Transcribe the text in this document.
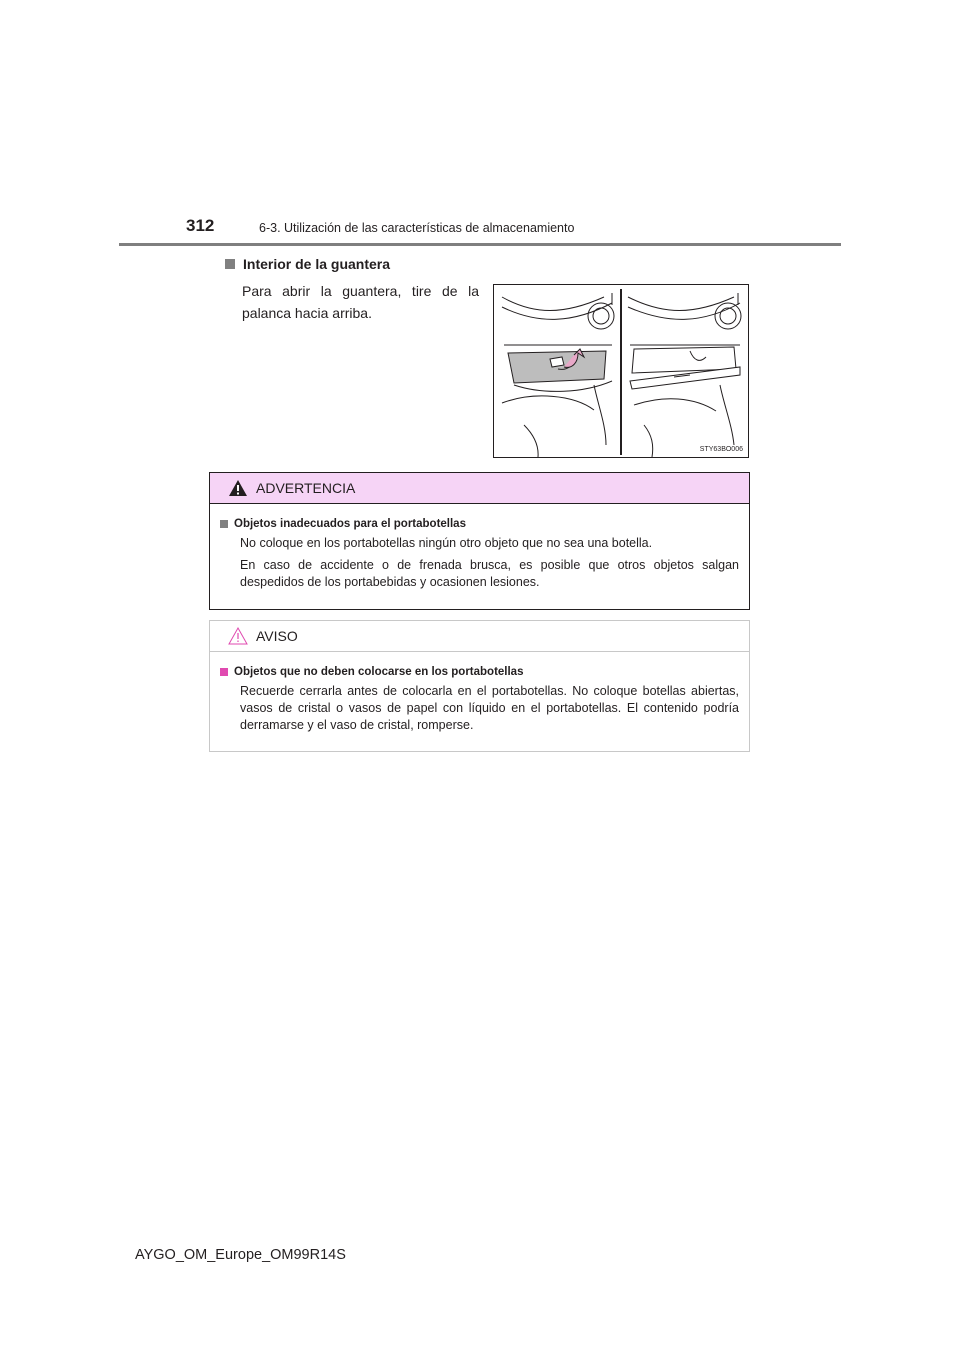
312	6-3. Utilización de las características de almacenamiento
Interior de la guantera
Para abrir la guantera, tire de la palanca hacia arriba.
STY63BO006
ADVERTENCIA
Objetos inadecuados para el portabotellas

No coloque en los portabotellas ningún otro objeto que no sea una botella.

En caso de accidente o de frenada brusca, es posible que otros objetos salgan despedidos de los portabebidas y ocasionen lesiones.

AVISO
Objetos que no deben colocarse en los portabotellas

Recuerde cerrarla antes de colocarla en el portabotellas. No coloque botellas abiertas, vasos de cristal o vasos de papel con líquido en el portabotellas. El contenido podría derramarse y el vaso de cristal, romperse.

AYGO_OM_Europe_OM99R14S
